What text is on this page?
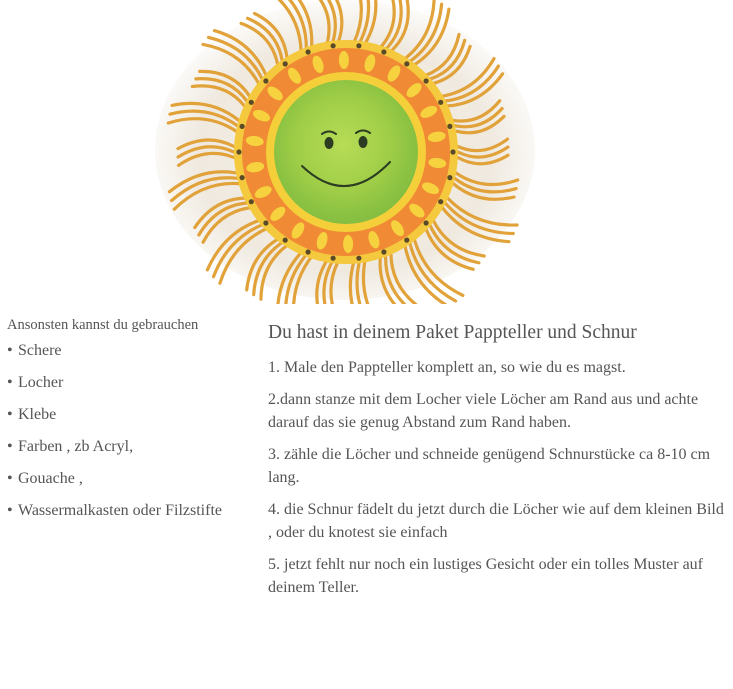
Ansonsten kannst du gebrauchen

• Schere
• Locher
• Klebe
• Farben , zb Acryl,
• Gouache ,
• Wassermalkasten oder Filzstifte
Du hast in deinem Paket Pappteller und Schnur

1. Male den Pappteller komplett an, so wie du es magst.

2.dann stanze mit dem Locher viele Löcher am Rand aus und achte darauf das sie genug Abstand zum Rand haben.

3. zähle die Löcher und schneide genügend Schnurstücke ca 8-10 cm lang.

4. die Schnur fädelt du jetzt durch die Löcher wie auf dem kleinen Bild , oder du knotest sie einfach

5. jetzt fehlt nur noch ein lustiges Gesicht oder ein tolles Muster auf deinem Teller.
